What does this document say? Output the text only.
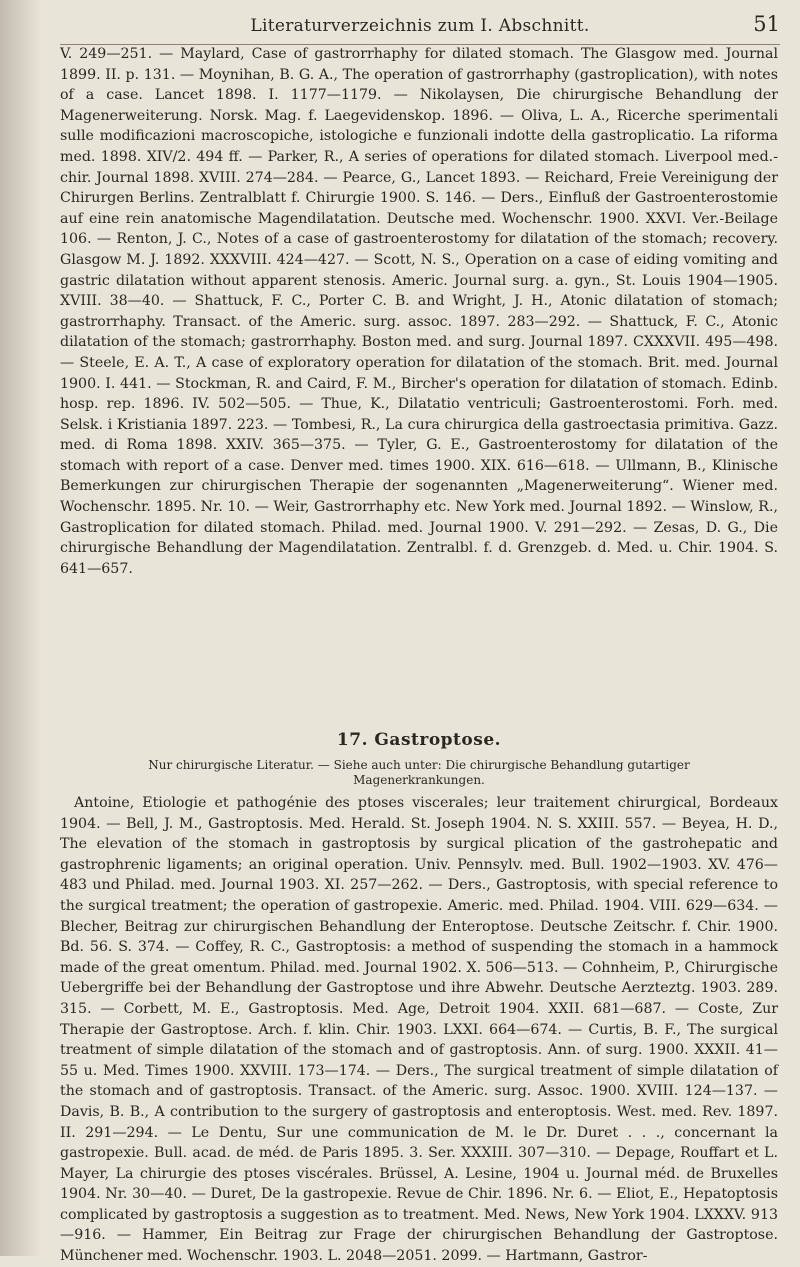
Literaturverzeichnis zum I. Abschnitt.	51

V. 249—251. — Maylard, Case of gastrorrhaphy for dilated stomach. The Glasgow med. Journal 1899. II. p. 131. — Moynihan, B. G. A., The operation of gastrorrhaphy (gastroplication), with notes of a case. Lancet 1898. I. 1177—1179. — Nikolaysen, Die chirurgische Behandlung der Magenerweiterung. Norsk. Mag. f. Laegevidenskop. 1896. — Oliva, L. A., Ricerche sperimentali sulle modificazioni macroscopiche, istologiche e funzionali indotte della gastroplicatio. La riforma med. 1898. XIV/2. 494 ff. — Parker, R., A series of operations for dilated stomach. Liverpool med.-chir. Journal 1898. XVIII. 274—284. — Pearce, G., Lancet 1893. — Reichard, Freie Vereinigung der Chirurgen Berlins. Zentralblatt f. Chirurgie 1900. S. 146. — Ders., Einfluß der Gastroenterostomie auf eine rein anatomische Magendilatation. Deutsche med. Wochenschr. 1900. XXVI. Ver.-Beilage 106. — Renton, J. C., Notes of a case of gastroenterostomy for dilatation of the stomach; recovery. Glasgow M. J. 1892. XXXVIII. 424—427. — Scott, N. S., Operation on a case of eiding vomiting and gastric dilatation without apparent stenosis. Americ. Journal surg. a. gyn., St. Louis 1904—1905. XVIII. 38—40. — Shattuck, F. C., Porter C. B. and Wright, J. H., Atonic dilatation of stomach; gastrorrhaphy. Transact. of the Americ. surg. assoc. 1897. 283—292. — Shattuck, F. C., Atonic dilatation of the stomach; gastrorrhaphy. Boston med. and surg. Journal 1897. CXXXVII. 495—498. — Steele, E. A. T., A case of exploratory operation for dilatation of the stomach. Brit. med. Journal 1900. I. 441. — Stockman, R. and Caird, F. M., Bircher's operation for dilatation of stomach. Edinb. hosp. rep. 1896. IV. 502—505. — Thue, K., Dilatatio ventriculi; Gastroenterostomi. Forh. med. Selsk. i Kristiania 1897. 223. — Tombesi, R., La cura chirurgica della gastroectasia primitiva. Gazz. med. di Roma 1898. XXIV. 365—375. — Tyler, G. E., Gastroenterostomy for dilatation of the stomach with report of a case. Denver med. times 1900. XIX. 616—618. — Ullmann, B., Klinische Bemerkungen zur chirurgischen Therapie der sogenannten „Magenerweiterung“. Wiener med. Wochenschr. 1895. Nr. 10. — Weir, Gastrorrhaphy etc. New York med. Journal 1892. — Winslow, R., Gastroplication for dilated stomach. Philad. med. Journal 1900. V. 291—292. — Zesas, D. G., Die chirurgische Behandlung der Magendilatation. Zentralbl. f. d. Grenzgeb. d. Med. u. Chir. 1904. S. 641—657.

17. Gastroptose.
Nur chirurgische Literatur. — Siehe auch unter: Die chirurgische Behandlung gutartiger Magenerkrankungen.

Antoine, Etiologie et pathogénie des ptoses viscerales; leur traitement chirurgical, Bordeaux 1904. — Bell, J. M., Gastroptosis. Med. Herald. St. Joseph 1904. N. S. XXIII. 557. — Beyea, H. D., The elevation of the stomach in gastroptosis by surgical plication of the gastrohepatic and gastrophrenic ligaments; an original operation. Univ. Pennsylv. med. Bull. 1902—1903. XV. 476—483 und Philad. med. Journal 1903. XI. 257—262. — Ders., Gastroptosis, with special reference to the surgical treatment; the operation of gastropexie. Americ. med. Philad. 1904. VIII. 629—634. — Blecher, Beitrag zur chirurgischen Behandlung der Enteroptose. Deutsche Zeitschr. f. Chir. 1900. Bd. 56. S. 374. — Coffey, R. C., Gastroptosis: a method of suspending the stomach in a hammock made of the great omentum. Philad. med. Journal 1902. X. 506—513. — Cohnheim, P., Chirurgische Uebergriffe bei der Behandlung der Gastroptose und ihre Abwehr. Deutsche Aerzteztg. 1903. 289. 315. — Corbett, M. E., Gastroptosis. Med. Age, Detroit 1904. XXII. 681—687. — Coste, Zur Therapie der Gastroptose. Arch. f. klin. Chir. 1903. LXXI. 664—674. — Curtis, B. F., The surgical treatment of simple dilatation of the stomach and of gastroptosis. Ann. of surg. 1900. XXXII. 41—55 u. Med. Times 1900. XXVIII. 173—174. — Ders., The surgical treatment of simple dilatation of the stomach and of gastroptosis. Transact. of the Americ. surg. Assoc. 1900. XVIII. 124—137. — Davis, B. B., A contribution to the surgery of gastroptosis and enteroptosis. West. med. Rev. 1897. II. 291—294. — Le Dentu, Sur une communication de M. le Dr. Duret . . ., concernant la gastropexie. Bull. acad. de méd. de Paris 1895. 3. Ser. XXXIII. 307—310. — Depage, Rouffart et L. Mayer, La chirurgie des ptoses viscérales. Brüssel, A. Lesine, 1904 u. Journal méd. de Bruxelles 1904. Nr. 30—40. — Duret, De la gastropexie. Revue de Chir. 1896. Nr. 6. — Eliot, E., Hepatoptosis complicated by gastroptosis a suggestion as to treatment. Med. News, New York 1904. LXXXV. 913—916. — Hammer, Ein Beitrag zur Frage der chirurgischen Behandlung der Gastroptose. Münchener med. Wochenschr. 1903. L. 2048—2051. 2099. — Hartmann, Gastror-
